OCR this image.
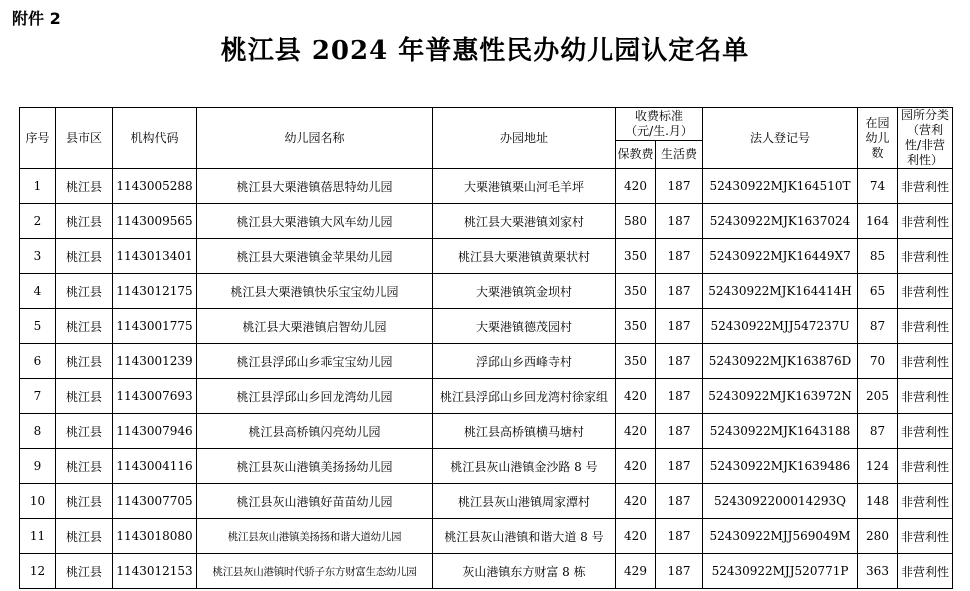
附件 2
桃江县 2024 年普惠性民办幼儿园认定名单
序号	县市区	机构代码	幼儿园名称	办园地址	收费标准（元/生.月）		法人登记号	在园幼儿数	园所分类（营利性/非营利性）
					保教费	生活费			
1	桃江县	1143005288	桃江县大栗港镇蓓思特幼儿园	大栗港镇栗山河毛羊坪	420	187	52430922MJK164510T	74	非营利性
2	桃江县	1143009565	桃江县大栗港镇大风车幼儿园	桃江县大栗港镇刘家村	580	187	52430922MJK1637024	164	非营利性
3	桃江县	1143013401	桃江县大栗港镇金苹果幼儿园	桃江县大栗港镇黄栗状村	350	187	52430922MJK16449X7	85	非营利性
4	桃江县	1143012175	桃江县大栗港镇快乐宝宝幼儿园	大栗港镇筑金坝村	350	187	52430922MJK164414H	65	非营利性
5	桃江县	1143001775	桃江县大栗港镇启智幼儿园	大栗港镇德茂园村	350	187	52430922MJJ547237U	87	非营利性
6	桃江县	1143001239	桃江县浮邱山乡乖宝宝幼儿园	浮邱山乡西峰寺村	350	187	52430922MJK163876D	70	非营利性
7	桃江县	1143007693	桃江县浮邱山乡回龙湾幼儿园	桃江县浮邱山乡回龙湾村徐家组	420	187	52430922MJK163972N	205	非营利性
8	桃江县	1143007946	桃江县高桥镇闪亮幼儿园	桃江县高桥镇横马塘村	420	187	52430922MJK1643188	87	非营利性
9	桃江县	1143004116	桃江县灰山港镇美扬扬幼儿园	桃江县灰山港镇金沙路 8 号	420	187	52430922MJK1639486	124	非营利性
10	桃江县	1143007705	桃江县灰山港镇好苗苗幼儿园	桃江县灰山港镇周家潭村	420	187	5243092200014293Q	148	非营利性
11	桃江县	1143018080	桃江县灰山港镇美扬扬和谐大道幼儿园	桃江县灰山港镇和谐大道 8 号	420	187	52430922MJJ569049M	280	非营利性
12	桃江县	1143012153	桃江县灰山港镇时代骄子东方财富生态幼儿园	灰山港镇东方财富 8 栋	429	187	52430922MJJ520771P	363	非营利性
